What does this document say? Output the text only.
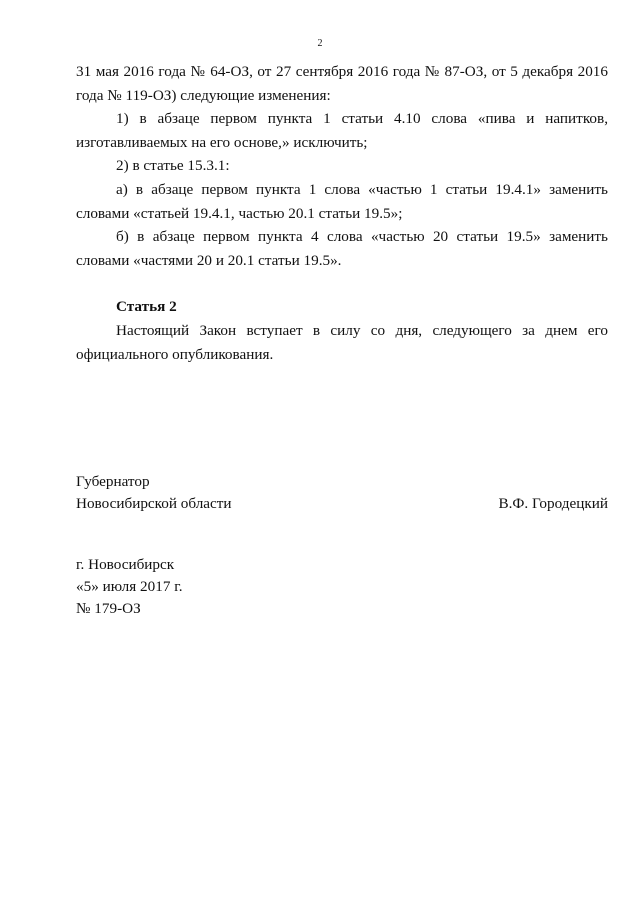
2

31 мая 2016 года № 64-ОЗ, от 27 сентября 2016 года № 87-ОЗ, от 5 декабря 2016
года № 119-ОЗ) следующие изменения:

1) в абзаце первом пункта 1 статьи 4.10 слова «пива и напитков,
изготавливаемых на его основе,» исключить;

2) в статье 15.3.1:

а) в абзаце первом пункта 1 слова «частью 1 статьи 19.4.1» заменить
словами «статьей 19.4.1, частью 20.1 статьи 19.5»;

б) в абзаце первом пункта 4 слова «частью 20 статьи 19.5» заменить
словами «частями 20 и 20.1 статьи 19.5».

Статья 2

Настоящий Закон вступает в силу со дня, следующего за днем его
официального опубликования.

Губернатор
Новосибирской области	В.Ф. Городецкий
г. Новосибирск
«5» июля 2017 г.
№ 179-ОЗ
